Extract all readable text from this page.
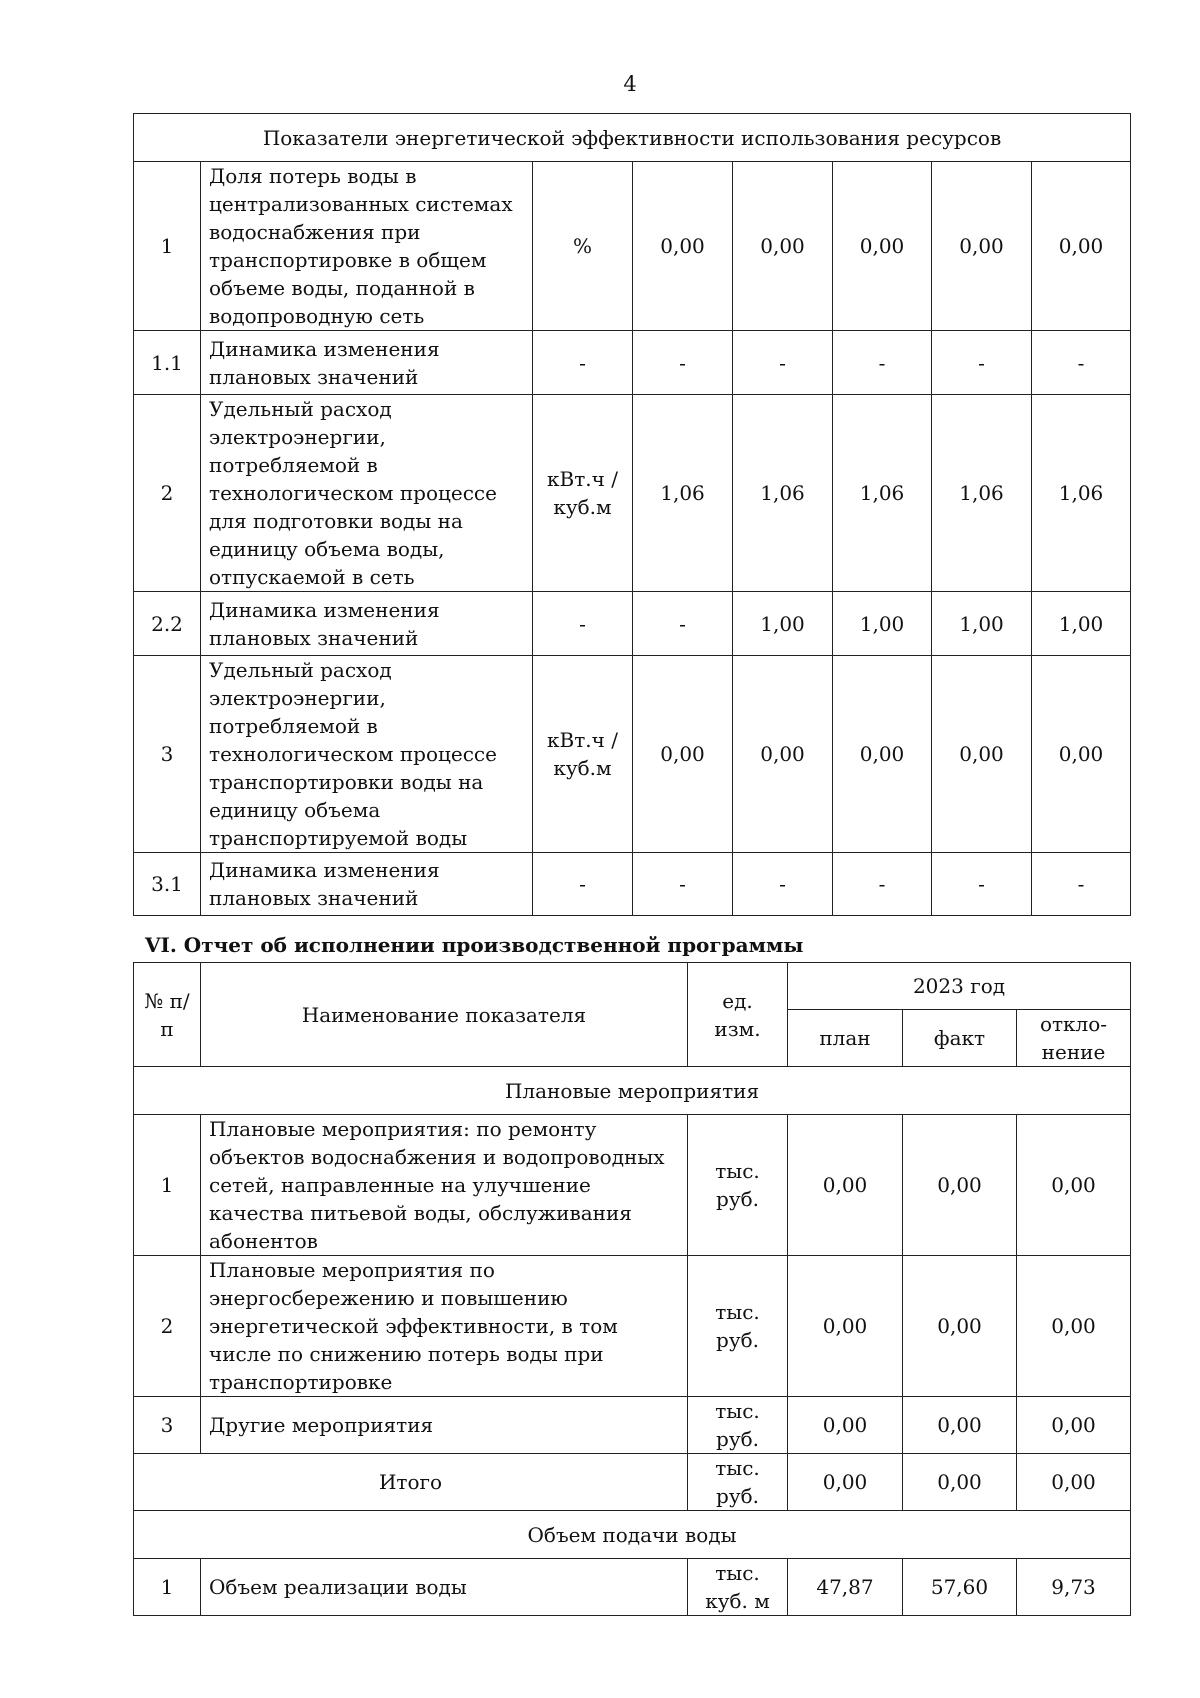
4
Показатели энергетической эффективности использования ресурсов							
1	Доля потерь воды в централизованных системах водоснабжения при транспортировке в общем объеме воды, поданной в водопроводную сеть	%	0,00	0,00	0,00	0,00	0,00
1.1	Динамика изменения плановых значений	-	-	-	-	-	-
2	Удельный расход электроэнергии, потребляемой в технологическом процессе для подготовки воды на единицу объема воды, отпускаемой в сеть	кВт.ч / куб.м	1,06	1,06	1,06	1,06	1,06
2.2	Динамика изменения плановых значений	-	-	1,00	1,00	1,00	1,00
3	Удельный расход электроэнергии, потребляемой в технологическом процессе транспортировки воды на единицу объема транспортируемой воды	кВт.ч / куб.м	0,00	0,00	0,00	0,00	0,00
3.1	Динамика изменения плановых значений	-	-	-	-	-	-
VI. Отчет об исполнении производственной программы
№ п/п	Наименование показателя	ед. изм.	2023 год		
			план	факт	откло-нение
Плановые мероприятия					
1	Плановые мероприятия: по ремонту объектов водоснабжения и водопроводных сетей, направленные на улучшение качества питьевой воды, обслуживания абонентов	тыс. руб.	0,00	0,00	0,00
2	Плановые мероприятия по энергосбережению и повышению энергетической эффективности, в том числе по снижению потерь воды при транспортировке	тыс. руб.	0,00	0,00	0,00
3	Другие мероприятия	тыс. руб.	0,00	0,00	0,00
Итого		тыс. руб.	0,00	0,00	0,00
Объем подачи воды					
1	Объем реализации воды	тыс. куб. м	47,87	57,60	9,73
